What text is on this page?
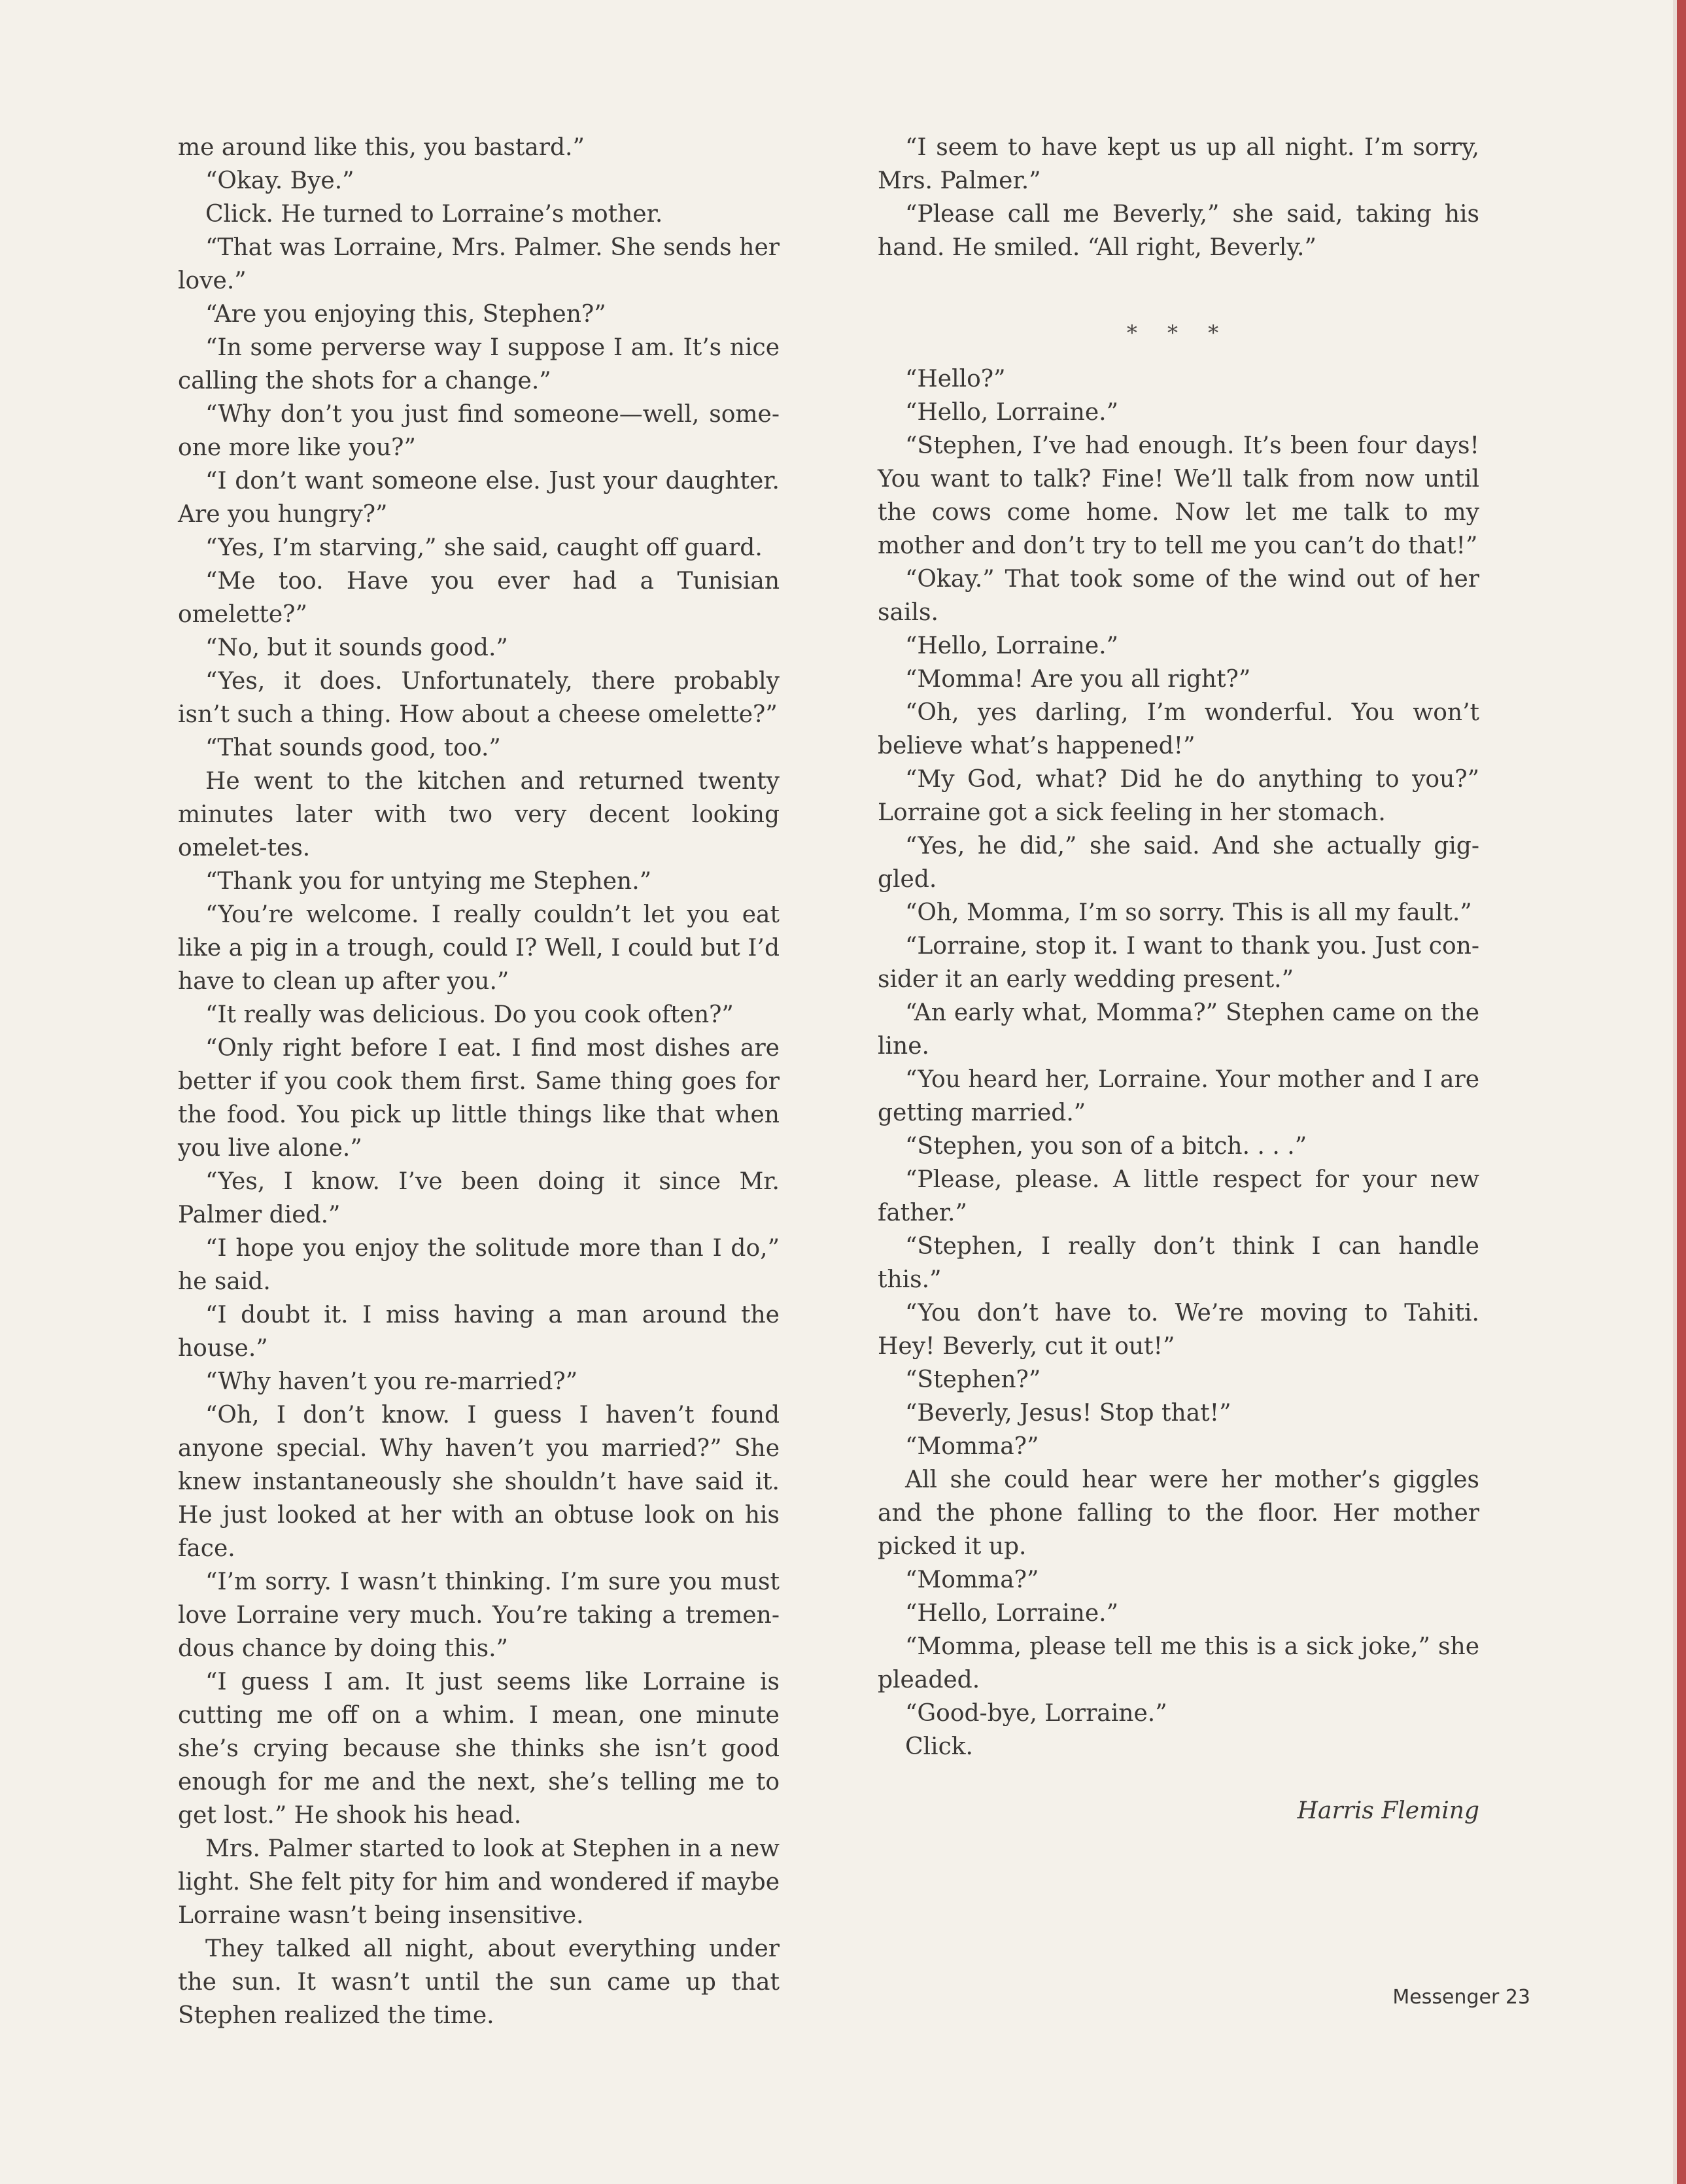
me around like this, you bastard.”

“Okay. Bye.”

Click. He turned to Lorraine’s mother.

“That was Lorraine, Mrs. Palmer. She sends her love.”

“Are you enjoying this, Stephen?”

“In some perverse way I suppose I am. It’s nice calling the shots for a change.”

“Why don’t you just find someone—well, some-one more like you?”

“I don’t want someone else. Just your daughter. Are you hungry?”

“Yes, I’m starving,” she said, caught off guard.

“Me too. Have you ever had a Tunisian omelette?”

“No, but it sounds good.”

“Yes, it does. Unfortunately, there probably isn’t such a thing. How about a cheese omelette?”

“That sounds good, too.”

He went to the kitchen and returned twenty minutes later with two very decent looking omelet-tes.

“Thank you for untying me Stephen.”

“You’re welcome. I really couldn’t let you eat like a pig in a trough, could I? Well, I could but I’d have to clean up after you.”

“It really was delicious. Do you cook often?”

“Only right before I eat. I find most dishes are better if you cook them first. Same thing goes for the food. You pick up little things like that when you live alone.”

“Yes, I know. I’ve been doing it since Mr. Palmer died.”

“I hope you enjoy the solitude more than I do,” he said.

“I doubt it. I miss having a man around the house.”

“Why haven’t you re-married?”

“Oh, I don’t know. I guess I haven’t found anyone special. Why haven’t you married?” She knew instantaneously she shouldn’t have said it. He just looked at her with an obtuse look on his face.

“I’m sorry. I wasn’t thinking. I’m sure you must love Lorraine very much. You’re taking a tremen-dous chance by doing this.”

“I guess I am. It just seems like Lorraine is cutting me off on a whim. I mean, one minute she’s crying because she thinks she isn’t good enough for me and the next, she’s telling me to get lost.” He shook his head.

Mrs. Palmer started to look at Stephen in a new light. She felt pity for him and wondered if maybe Lorraine wasn’t being insensitive.

They talked all night, about everything under the sun. It wasn’t until the sun came up that Stephen realized the time.

“I seem to have kept us up all night. I’m sorry, Mrs. Palmer.”

“Please call me Beverly,” she said, taking his hand. He smiled. “All right, Beverly.”

“Hello?”

“Hello, Lorraine.”

“Stephen, I’ve had enough. It’s been four days! You want to talk? Fine! We’ll talk from now until the cows come home. Now let me talk to my mother and don’t try to tell me you can’t do that!”

“Okay.” That took some of the wind out of her sails.

“Hello, Lorraine.”

“Momma! Are you all right?”

“Oh, yes darling, I’m wonderful. You won’t believe what’s happened!”

“My God, what? Did he do anything to you?” Lorraine got a sick feeling in her stomach.

“Yes, he did,” she said. And she actually gig-gled.

“Oh, Momma, I’m so sorry. This is all my fault.”

“Lorraine, stop it. I want to thank you. Just con-sider it an early wedding present.”

“An early what, Momma?” Stephen came on the line.

“You heard her, Lorraine. Your mother and I are getting married.”

“Stephen, you son of a bitch. . . .”

“Please, please. A little respect for your new father.”

“Stephen, I really don’t think I can handle this.”

“You don’t have to. We’re moving to Tahiti. Hey! Beverly, cut it out!”

“Stephen?”

“Beverly, Jesus! Stop that!”

“Momma?”

All she could hear were her mother’s giggles and the phone falling to the floor. Her mother picked it up.

“Momma?”

“Hello, Lorraine.”

“Momma, please tell me this is a sick joke,” she pleaded.

“Good-bye, Lorraine.”

Click.

* * *
Harris Fleming
Messenger 23
